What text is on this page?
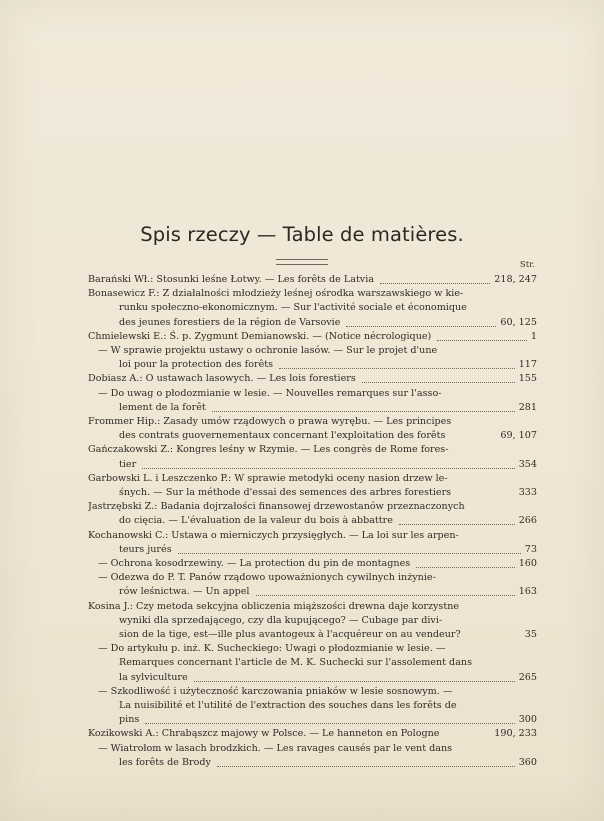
Spis rzeczy — Table de matières.
Str.
Barański Wł.: Stosunki leśne Łotwy. — Les forêts de Latvia	218, 247
Bonasewicz F.: Z działalności młodzieży leśnej ośrodka warszawskiego w kie-
runku społeczno-ekonomicznym. — Sur l'activité sociale et économique
des jeunes forestiers de la région de Varsovie	60, 125
Chmielewski E.: Ś. p. Zygmunt Demianowski. — (Notice nécrologique)	1
— W sprawie projektu ustawy o ochronie lasów. — Sur le projet d'une
loi pour la protection des forêts	117
Dobiasz A.: O ustawach lasowych. — Les lois forestiers	155
— Do uwag o płodozmianie w lesie. — Nouvelles remarques sur l'asso-
lement de la forêt	281
Frommer Hip.: Zasady umów rządowych o prawa wyrębu. — Les principes
des contrats guovernementaux concernant l'exploitation des forêts	69, 107
Gańczakowski Z.: Kongres leśny w Rzymie. — Les congrès de Rome fores-
tier	354
Garbowski L. i Leszczenko P.: W sprawie metodyki oceny nasion drzew le-
śnych. — Sur la méthode d'essai des semences des arbres forestiers	333
Jastrzębski Z.: Badania dojrzałości finansowej drzewostanów przeznaczonych
do cięcia. — L'évaluation de la valeur du bois à abbattre	266
Kochanowski C.: Ustawa o mierniczych przysięgłych. — La loi sur les arpen-
teurs jurés	73
— Ochrona kosodrzewiny. — La protection du pin de montagnes	160
— Odezwa do P. T. Panów rządowo upoważnionych cywilnych inżynie-
rów leśnictwa. — Un appel	163
Kosina J.: Czy metoda sekcyjna obliczenia miąższości drewna daje korzystne
wyniki dla sprzedającego, czy dla kupującego? — Cubage par divi-
sion de la tige, est—ille plus avantogeux à l'acquéreur on au vendeur?	35
— Do artykułu p. inż. K. Sucheckiego: Uwagi o płodozmianie w lesie. —
Remarques concernant l'article de M. K. Suchecki sur l'assolement dans
la sylviculture	265
— Szkodliwość i użyteczność karczowania pniaków w lesie sosnowym. —
La nuisibilité et l'utilité de l'extraction des souches dans les forêts de
pins	300
Kozikowski A.: Chrabąszcz majowy w Polsce. — Le hanneton en Pologne	190, 233
— Wiatrołom w lasach brodzkich. — Les ravages causés par le vent dans
les forêts de Brody	360
